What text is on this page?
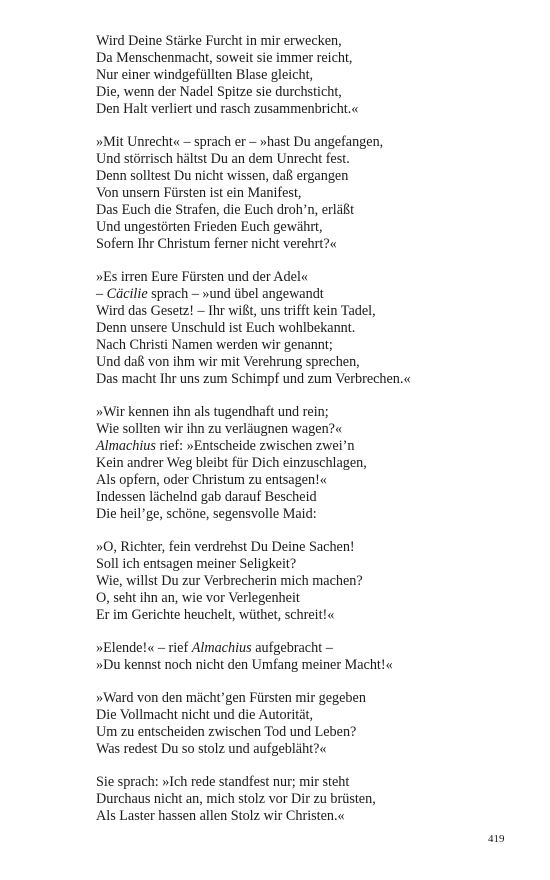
Wird Deine Stärke Furcht in mir erwecken,
Da Menschenmacht, soweit sie immer reicht,
Nur einer windgefüllten Blase gleicht,
Die, wenn der Nadel Spitze sie durchsticht,
Den Halt verliert und rasch zusammenbricht.«
»Mit Unrecht« – sprach er – »hast Du angefangen,
Und störrisch hältst Du an dem Unrecht fest.
Denn solltest Du nicht wissen, daß ergangen
Von unsern Fürsten ist ein Manifest,
Das Euch die Strafen, die Euch droh’n, erläßt
Und ungestörten Frieden Euch gewährt,
Sofern Ihr Christum ferner nicht verehrt?«
»Es irren Eure Fürsten und der Adel«
– Cäcilie sprach – »und übel angewandt
Wird das Gesetz! – Ihr wißt, uns trifft kein Tadel,
Denn unsere Unschuld ist Euch wohlbekannt.
Nach Christi Namen werden wir genannt;
Und daß von ihm wir mit Verehrung sprechen,
Das macht Ihr uns zum Schimpf und zum Verbrechen.«
»Wir kennen ihn als tugendhaft und rein;
Wie sollten wir ihn zu verläugnen wagen?«
Almachius rief: »Entscheide zwischen zwei’n
Kein andrer Weg bleibt für Dich einzuschlagen,
Als opfern, oder Christum zu entsagen!«
Indessen lächelnd gab darauf Bescheid
Die heil’ge, schöne, segensvolle Maid:
»O, Richter, fein verdrehst Du Deine Sachen!
Soll ich entsagen meiner Seligkeit?
Wie, willst Du zur Verbrecherin mich machen?
O, seht ihn an, wie vor Verlegenheit
Er im Gerichte heuchelt, wüthet, schreit!«
»Elende!« – rief Almachius aufgebracht –
»Du kennst noch nicht den Umfang meiner Macht!«
»Ward von den mächt’gen Fürsten mir gegeben
Die Vollmacht nicht und die Autorität,
Um zu entscheiden zwischen Tod und Leben?
Was redest Du so stolz und aufgebläht?«
Sie sprach: »Ich rede standfest nur; mir steht
Durchaus nicht an, mich stolz vor Dir zu brüsten,
Als Laster hassen allen Stolz wir Christen.«
419
